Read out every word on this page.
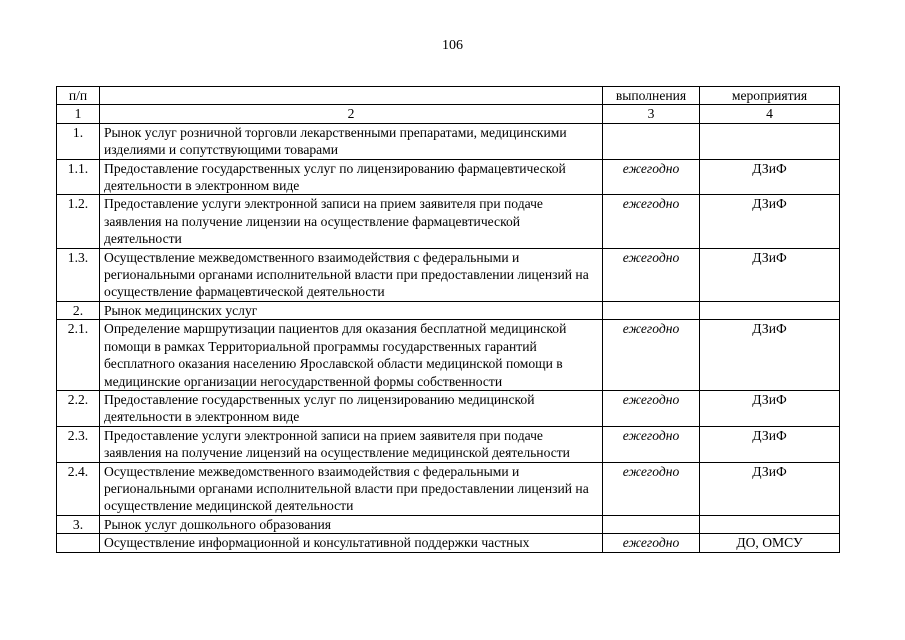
106
п/п		выполнения	мероприятия
1	2	3	4
1.	Рынок услуг розничной торговли лекарственными препаратами, медицинскими изделиями и сопутствующими товарами		
1.1.	Предоставление государственных услуг по лицензированию фармацевтической деятельности в электронном виде	ежегодно	ДЗиФ
1.2.	Предоставление услуги электронной записи на прием заявителя при подаче заявления на получение лицензии на осуществление фармацевтической деятельности	ежегодно	ДЗиФ
1.3.	Осуществление межведомственного взаимодействия с федеральными и региональными органами исполнительной власти при предоставлении лицензий на осуществление фармацевтической деятельности	ежегодно	ДЗиФ
2.	Рынок медицинских услуг		
2.1.	Определение маршрутизации пациентов для оказания бесплатной медицинской помощи в рамках Территориальной программы государственных гарантий бесплатного оказания населению Ярославской области медицинской помощи в медицинские организации негосударственной формы собственности	ежегодно	ДЗиФ
2.2.	Предоставление государственных услуг по лицензированию медицинской деятельности в электронном виде	ежегодно	ДЗиФ
2.3.	Предоставление услуги электронной записи на прием заявителя при подаче заявления на получение лицензий на осуществление медицинской деятельности	ежегодно	ДЗиФ
2.4.	Осуществление межведомственного взаимодействия с федеральными и региональными органами исполнительной власти при предоставлении лицензий на осуществление медицинской деятельности	ежегодно	ДЗиФ
3.	Рынок услуг дошкольного образования		
	Осуществление информационной и консультативной поддержки частных	ежегодно	ДО, ОМСУ
